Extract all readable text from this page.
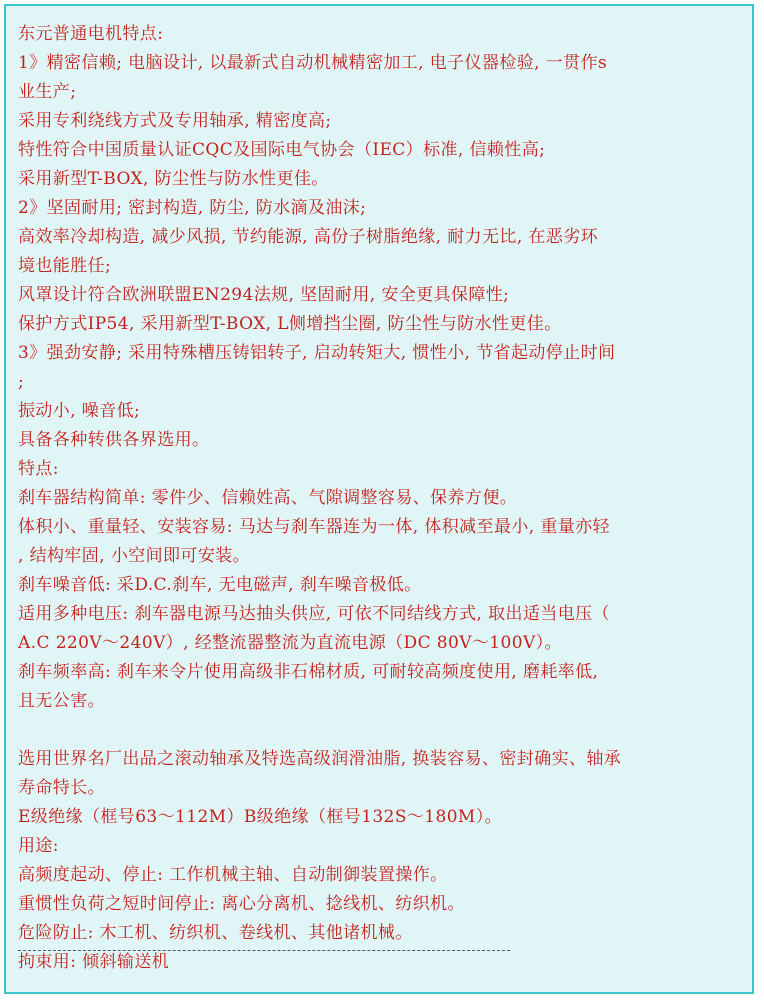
东元普通电机特点:
1》精密信赖; 电脑设计, 以最新式自动机械精密加工, 电子仪器检验, 一贯作s
业生产;
采用专利绕线方式及专用轴承, 精密度高;
特性符合中国质量认证CQC及国际电气协会（IEC）标准, 信赖性高;
采用新型T-BOX, 防尘性与防水性更佳。
2》坚固耐用; 密封构造, 防尘, 防水滴及油沫;
高效率冷却构造, 减少风损, 节约能源, 高份子树脂绝缘, 耐力无比, 在恶劣环
境也能胜任;
风罩设计符合欧洲联盟EN294法规, 坚固耐用, 安全更具保障性;
保护方式IP54, 采用新型T-BOX, L侧增挡尘圈, 防尘性与防水性更佳。
3》强劲安静; 采用特殊槽压铸铝转子, 启动转矩大, 惯性小, 节省起动停止时间
;
振动小, 噪音低;
具备各种转供各界选用。
特点:
刹车器结构简单: 零件少、信赖姓高、气隙调整容易、保养方便。
体积小、重量轻、安装容易: 马达与刹车器连为一体, 体积减至最小, 重量亦轻
, 结构牢固, 小空间即可安装。
刹车噪音低: 采D.C.刹车, 无电磁声, 刹车噪音极低。
适用多种电压: 刹车器电源马达抽头供应, 可依不同结线方式, 取出适当电压（
A.C 220V～240V）, 经整流器整流为直流电源（DC 80V～100V）。
刹车频率高: 刹车来令片使用高级非石棉材质, 可耐较高频度使用, 磨耗率低,
且无公害。
选用世界名厂出品之滚动轴承及特选高级润滑油脂, 换装容易、密封确实、轴承
寿命特长。
E级绝缘（框号63～112M）B级绝缘（框号132S～180M）。
用途:
高频度起动、停止: 工作机械主轴、自动制御装置操作。
重惯性负荷之短时间停止: 离心分离机、捻线机、纺织机。
危险防止: 木工机、纺织机、卷线机、其他诸机械。
拘束用: 倾斜输送机
